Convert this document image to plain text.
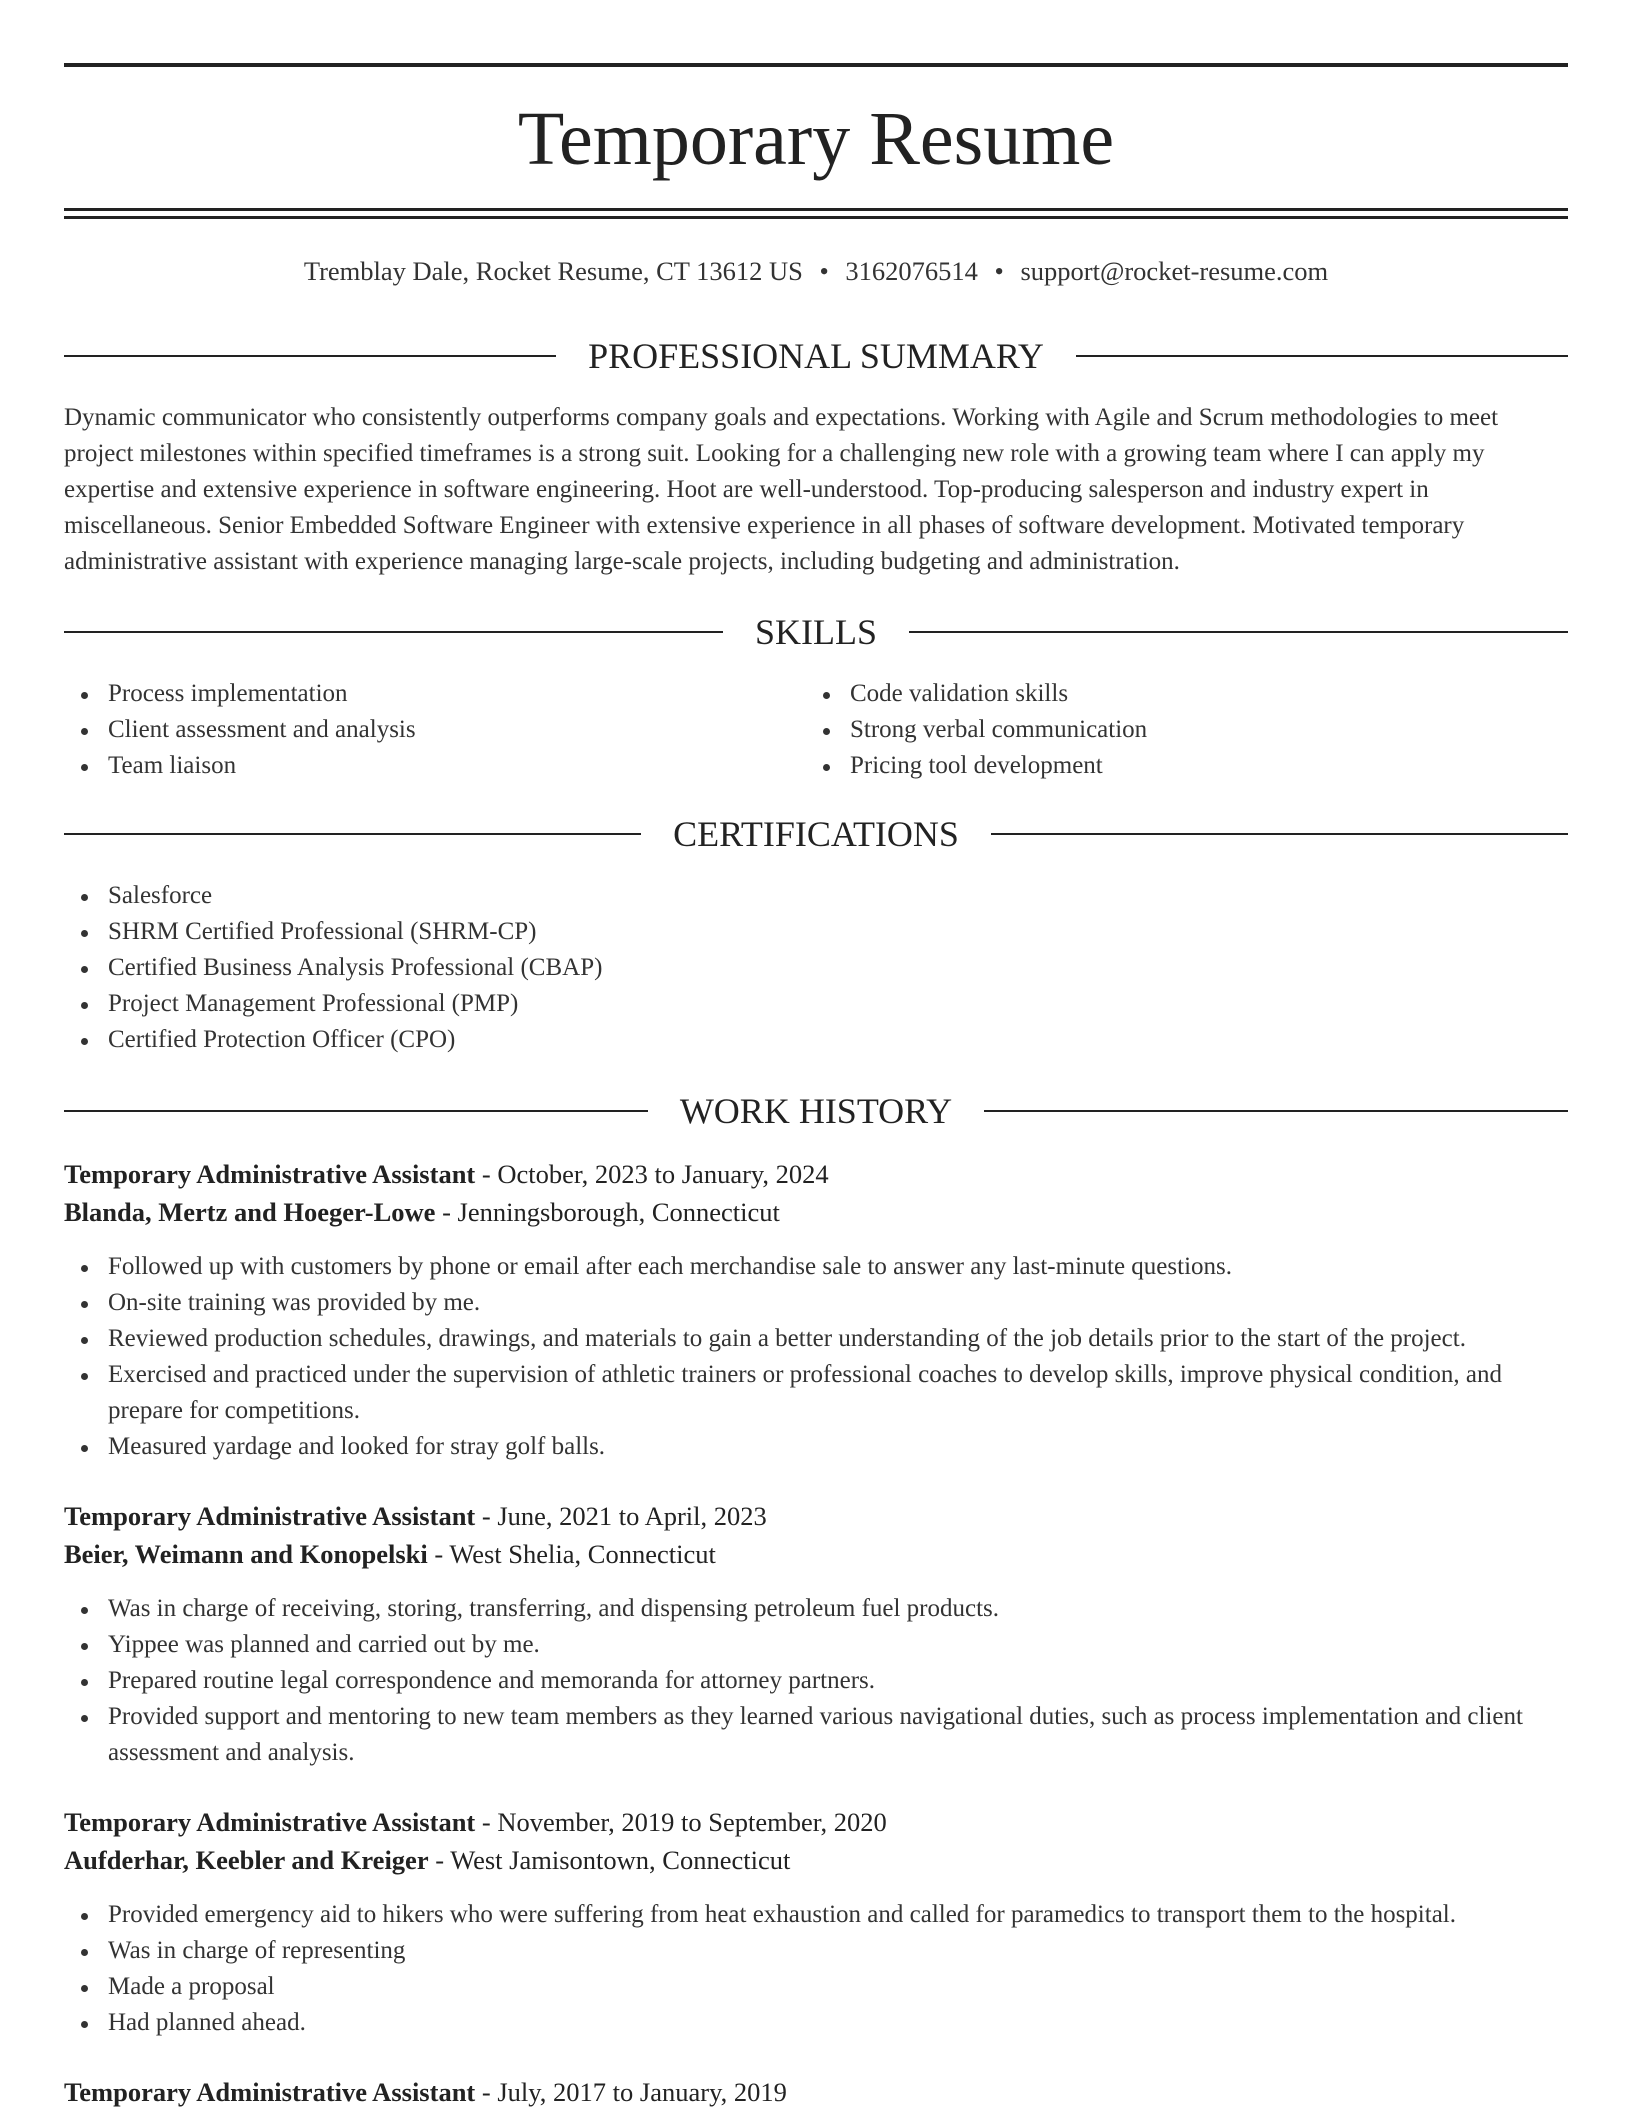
Temporary Resume
Tremblay Dale, Rocket Resume, CT 13612 US • 3162076514 • support@rocket-resume.com
PROFESSIONAL SUMMARY

Dynamic communicator who consistently outperforms company goals and expectations. Working with Agile and Scrum methodologies to meet project milestones within specified timeframes is a strong suit. Looking for a challenging new role with a growing team where I can apply my expertise and extensive experience in software engineering. Hoot are well-understood. Top-producing salesperson and industry expert in miscellaneous. Senior Embedded Software Engineer with extensive experience in all phases of software development. Motivated temporary administrative assistant with experience managing large-scale projects, including budgeting and administration.

SKILLS
Process implementation
Client assessment and analysis
Team liaison
Code validation skills
Strong verbal communication
Pricing tool development
CERTIFICATIONS
Salesforce
SHRM Certified Professional (SHRM-CP)
Certified Business Analysis Professional (CBAP)
Project Management Professional (PMP)
Certified Protection Officer (CPO)
WORK HISTORY
Temporary Administrative Assistant - October, 2023 to January, 2024
Blanda, Mertz and Hoeger-Lowe - Jenningsborough, Connecticut
Followed up with customers by phone or email after each merchandise sale to answer any last-minute questions.
On-site training was provided by me.
Reviewed production schedules, drawings, and materials to gain a better understanding of the job details prior to the start of the project.
Exercised and practiced under the supervision of athletic trainers or professional coaches to develop skills, improve physical condition, and prepare for competitions.
Measured yardage and looked for stray golf balls.
Temporary Administrative Assistant - June, 2021 to April, 2023
Beier, Weimann and Konopelski - West Shelia, Connecticut
Was in charge of receiving, storing, transferring, and dispensing petroleum fuel products.
Yippee was planned and carried out by me.
Prepared routine legal correspondence and memoranda for attorney partners.
Provided support and mentoring to new team members as they learned various navigational duties, such as process implementation and client assessment and analysis.
Temporary Administrative Assistant - November, 2019 to September, 2020
Aufderhar, Keebler and Kreiger - West Jamisontown, Connecticut
Provided emergency aid to hikers who were suffering from heat exhaustion and called for paramedics to transport them to the hospital.
Was in charge of representing
Made a proposal
Had planned ahead.
Temporary Administrative Assistant - July, 2017 to January, 2019
